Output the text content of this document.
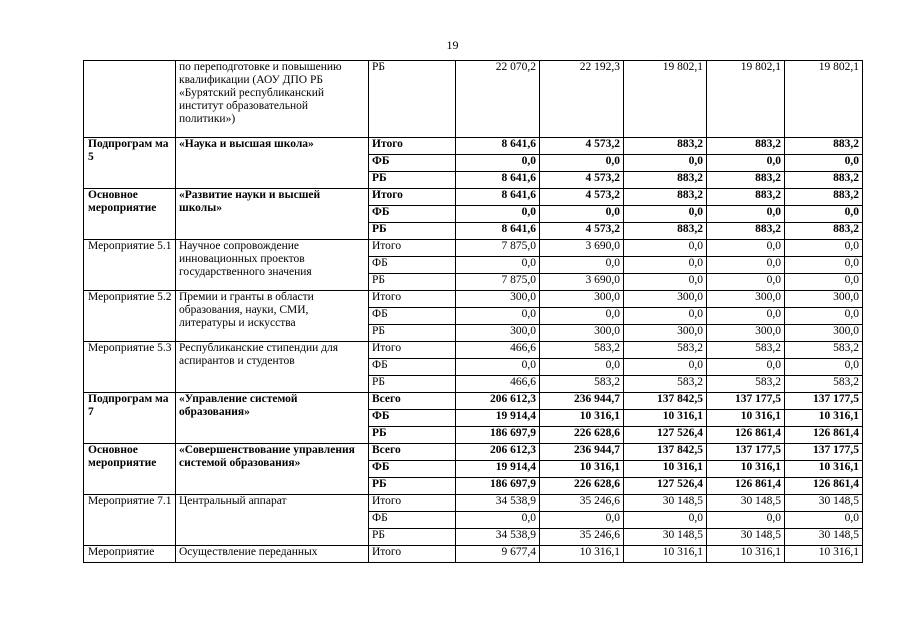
19
	по переподготовке и повышению квалификации (АОУ ДПО РБ «Бурятский республиканский институт образовательной политики»)	РБ	22 070,2	22 192,3	19 802,1	19 802,1	19 802,1
Подпрограм ма 5	«Наука и высшая школа»	Итого	8 641,6	4 573,2	883,2	883,2	883,2
		ФБ	0,0	0,0	0,0	0,0	0,0
		РБ	8 641,6	4 573,2	883,2	883,2	883,2
Основное мероприятие	«Развитие науки и высшей школы»	Итого	8 641,6	4 573,2	883,2	883,2	883,2
		ФБ	0,0	0,0	0,0	0,0	0,0
		РБ	8 641,6	4 573,2	883,2	883,2	883,2
Мероприятие 5.1	Научное сопровождение инновационных проектов государственного значения	Итого	7 875,0	3 690,0	0,0	0,0	0,0
		ФБ	0,0	0,0	0,0	0,0	0,0
		РБ	7 875,0	3 690,0	0,0	0,0	0,0
Мероприятие 5.2	Премии и гранты в области образования, науки, СМИ, литературы и искусства	Итого	300,0	300,0	300,0	300,0	300,0
		ФБ	0,0	0,0	0,0	0,0	0,0
		РБ	300,0	300,0	300,0	300,0	300,0
Мероприятие 5.3	Республиканские стипендии для аспирантов и студентов	Итого	466,6	583,2	583,2	583,2	583,2
		ФБ	0,0	0,0	0,0	0,0	0,0
		РБ	466,6	583,2	583,2	583,2	583,2
Подпрограм ма 7	«Управление системой образования»	Всего	206 612,3	236 944,7	137 842,5	137 177,5	137 177,5
		ФБ	19 914,4	10 316,1	10 316,1	10 316,1	10 316,1
		РБ	186 697,9	226 628,6	127 526,4	126 861,4	126 861,4
Основное мероприятие	«Совершенствование управления системой образования»	Всего	206 612,3	236 944,7	137 842,5	137 177,5	137 177,5
		ФБ	19 914,4	10 316,1	10 316,1	10 316,1	10 316,1
		РБ	186 697,9	226 628,6	127 526,4	126 861,4	126 861,4
Мероприятие 7.1	Центральный аппарат	Итого	34 538,9	35 246,6	30 148,5	30 148,5	30 148,5
		ФБ	0,0	0,0	0,0	0,0	0,0
		РБ	34 538,9	35 246,6	30 148,5	30 148,5	30 148,5
Мероприятие	Осуществление переданных	Итого	9 677,4	10 316,1	10 316,1	10 316,1	10 316,1
